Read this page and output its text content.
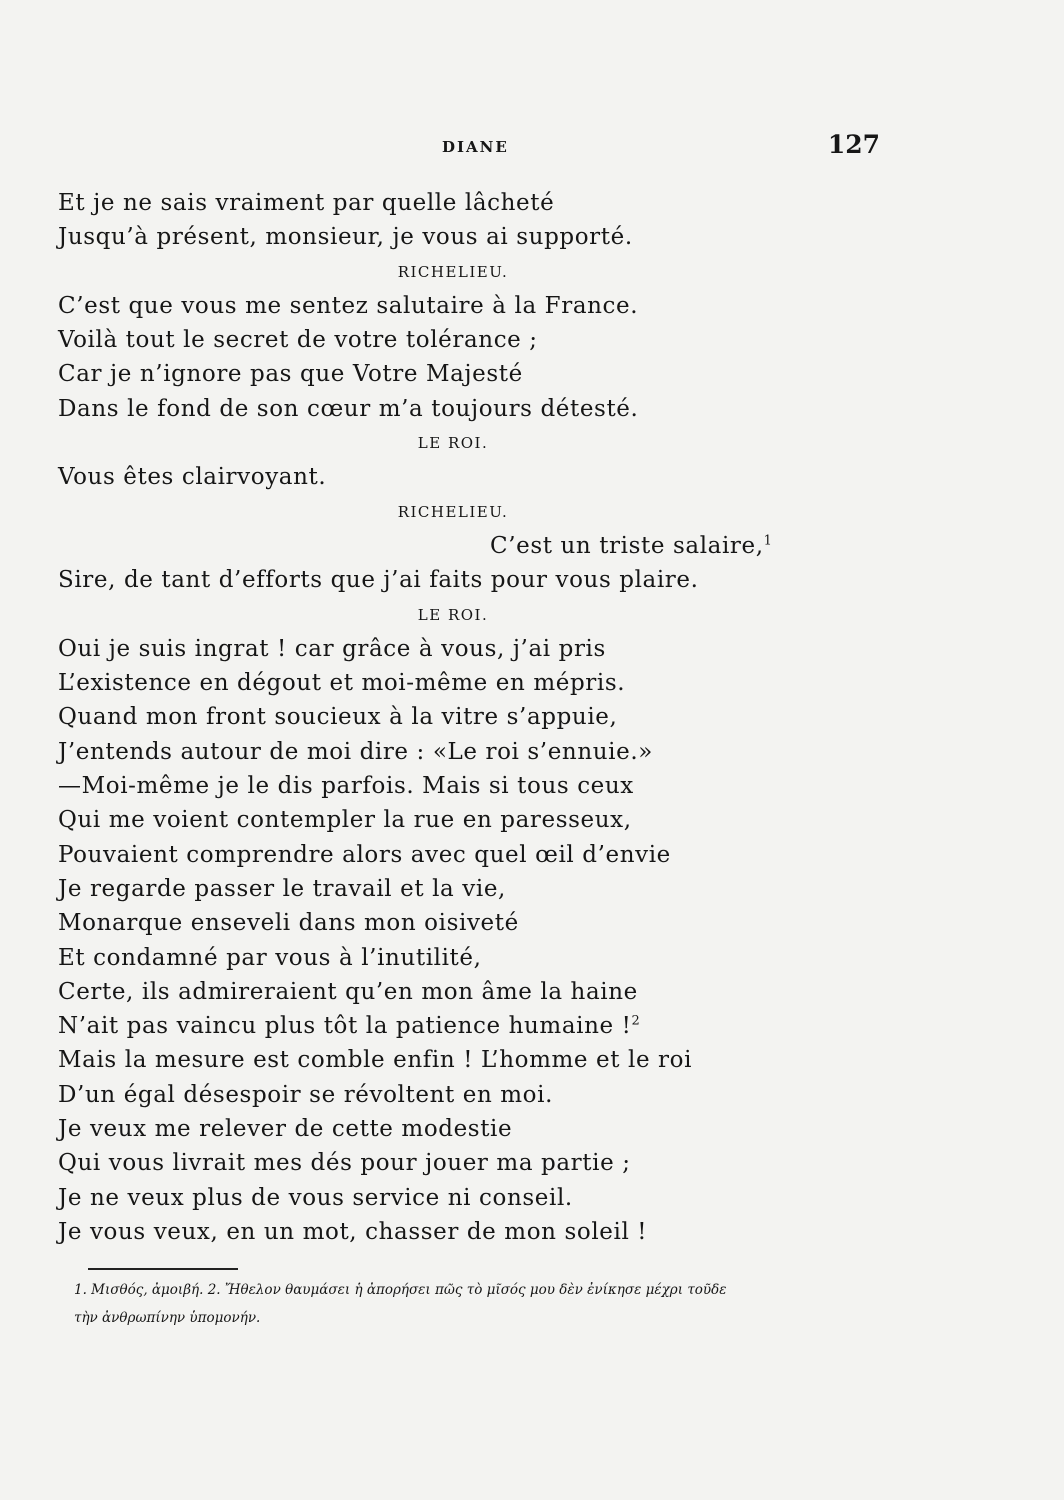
DIANE	127
Et je ne sais vraiment par quelle lâcheté
Jusqu’à présent, monsieur, je vous ai supporté.
RICHELIEU.
C’est que vous me sentez salutaire à la France.
Voilà tout le secret de votre tolérance ;
Car je n’ignore pas que Votre Majesté
Dans le fond de son cœur m’a toujours détesté.
LE ROI.
Vous êtes clairvoyant.
RICHELIEU.
C’est un triste salaire,$^1$
Sire, de tant d’efforts que j’ai faits pour vous plaire.
LE ROI.
Oui je suis ingrat ! car grâce à vous, j’ai pris
L’existence en dégout et moi-même en mépris.
Quand mon front soucieux à la vitre s’appuie,
J’entends autour de moi dire : «Le roi s’ennuie.»
—Moi-même je le dis parfois. Mais si tous ceux
Qui me voient contempler la rue en paresseux,
Pouvaient comprendre alors avec quel œil d’envie
Je regarde passer le travail et la vie,
Monarque enseveli dans mon oisiveté
Et condamné par vous à l’inutilité,
Certe, ils admireraient qu’en mon âme la haine
N’ait pas vaincu plus tôt la patience humaine !$^2$
Mais la mesure est comble enfin ! L’homme et le roi
D’un égal désespoir se révoltent en moi.
Je veux me relever de cette modestie
Qui vous livrait mes dés pour jouer ma partie ;
Je ne veux plus de vous service ni conseil.
Je vous veux, en un mot, chasser de mon soleil !
1. Μισθός, ἀμοιβή. 2. Ἤθελον θαυμάσει ἡ ἀπορήσει πῶς τὸ μῖσός μου δὲν ἐνίκησε μέχρι τοῦδε
τὴν ἀνθρωπίνην ὑπομονήν.
